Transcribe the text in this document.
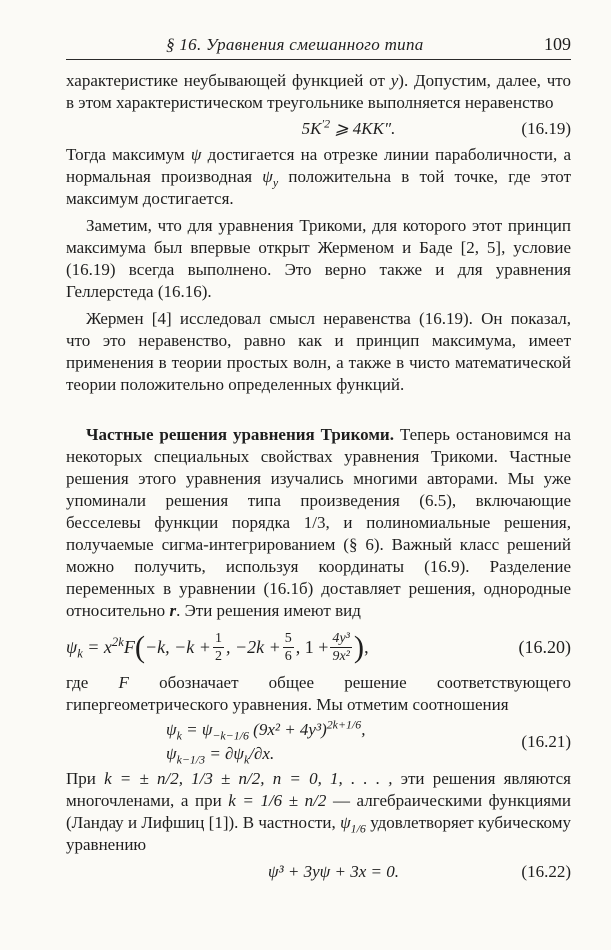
§ 16. Уравнения смешанного типа	109

характеристике неубывающей функцией от y). Допустим, далее, что в этом характеристическом треугольнике выполняется неравенство

$5K^{'2}$ ⩾ 4KK″.	(16.19)

Тогда максимум ψ достигается на отрезке линии параболичности, а нормальная производная $\psi_y$ положительна в той точке, где этот максимум достигается.

Заметим, что для уравнения Трикоми, для которого этот принцип максимума был впервые открыт Жерменом и Баде [2, 5], условие (16.19) всегда выполнено. Это верно также и для уравнения Геллерстеда (16.16).

Жермен [4] исследовал смысл неравенства (16.19). Он показал, что это неравенство, равно как и принцип максимума, имеет применения в теории простых волн, а также в чисто математической теории положительно определенных функций.

Частные решения уравнения Трикоми. Теперь остановимся на некоторых специальных свойствах уравнения Трикоми. Частные решения этого уравнения изучались многими авторами. Мы уже упоминали решения типа произведения (6.5), включающие бесселевы функции порядка 1/3, и полиномиальные решения, получаемые сигма-интегрированием (§ 6). Важный класс решений можно получить, используя координаты (16.9). Разделение переменных в уравнении (16.1б) доставляет решения, однородные относительно r. Эти решения имеют вид

$\psi_k = x^{2k}F$ ( −k, $-k + \frac{1}{2}$ , $-2k + \frac{5}{6}$ , $1 + \frac{\text{4y³}}{\text{9x²}}$ ) ,	(16.20)

где F обозначает общее решение соответствующего гипергеометрического уравнения. Мы отметим соотношения

$\psi_k = \psi_{-k-1/6}$ $(9x^2 + 4y^3)^{2k+1/6}$,
$\psi_{k-1/3} = \partial\psi_k/\partial x$.
(16.21)

При k = ± n/2, 1/3 ± n/2, n = 0, 1, . . . , эти решения являются многочленами, а при k = 1/6 ± n/2 — алгебраическими функциями (Ландау и Лифшиц [1]). В частности, $\psi_{1/6}$ удовлетворяет кубическому уравнению

ψ³ + 3yψ + 3x = 0.	(16.22)
